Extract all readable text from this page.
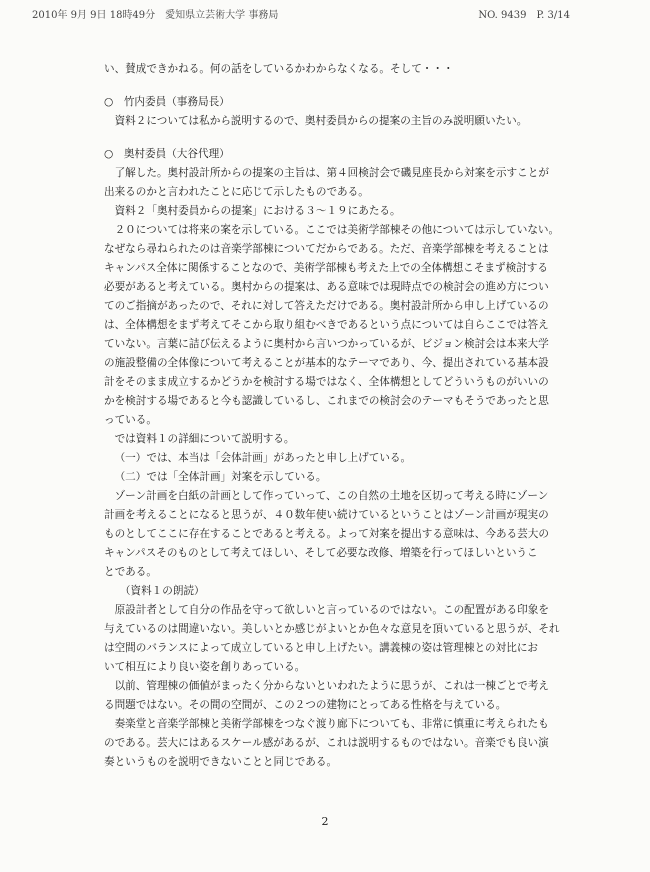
2010年 9月 9日 18時49分　愛知県立芸術大学 事務局	NO. 9439　P. 3/14
い、賛成できかねる。何の話をしているかわからなくなる。そして・・・
○　竹内委員（事務局長）
資料２については私から説明するので、奥村委員からの提案の主旨のみ説明願いたい。
○　奥村委員（大谷代理）
了解した。奥村設計所からの提案の主旨は、第４回検討会で磯見座長から対案を示すことが
出来るのかと言われたことに応じて示したものである。
資料２「奥村委員からの提案」における３～１９にあたる。
２０については将来の案を示している。ここでは美術学部棟その他については示していない。
なぜなら尋ねられたのは音楽学部棟についてだからである。ただ、音楽学部棟を考えることは
キャンパス全体に関係することなので、美術学部棟も考えた上での全体構想こそまず検討する
必要があると考えている。奥村からの提案は、ある意味では現時点での検討会の進め方につい
てのご指摘があったので、それに対して答えただけである。奥村設計所から申し上げているの
は、全体構想をまず考えてそこから取り組むべきであるという点については自らここでは答え
ていない。言葉に詰び伝えるように奥村から言いつかっているが、ビジョン検討会は本来大学
の施設整備の全体像について考えることが基本的なテーマであり、今、提出されている基本設
計をそのまま成立するかどうかを検討する場ではなく、全体構想としてどういうものがいいの
かを検討する場であると今も認識しているし、これまでの検討会のテーマもそうであったと思
っている。
では資料１の詳細について説明する。
（一）では、本当は「会体計画」があったと申し上げている。
（二）では「全体計画」対案を示している。
ゾーン計画を白紙の計画として作っていって、この自然の土地を区切って考える時にゾーン
計画を考えることになると思うが、４０数年使い続けているということはゾーン計画が現実の
ものとしてここに存在することであると考える。よって対案を提出する意味は、今ある芸大の
キャンパスそのものとして考えてほしい、そして必要な改修、増築を行ってほしいというこ
とである。
（資料１の朗読）
原設計者として自分の作品を守って欲しいと言っているのではない。この配置がある印象を
与えているのは間違いない。美しいとか感じがよいとか色々な意見を頂いていると思うが、それ
は空間のバランスによって成立していると申し上げたい。講義棟の姿は管理棟との対比にお
いて相互により良い姿を創りあっている。
以前、管理棟の価値がまったく分からないといわれたように思うが、これは一棟ごとで考え
る問題ではない。その間の空間が、この２つの建物にとってある性格を与えている。
奏楽堂と音楽学部棟と美術学部棟をつなぐ渡り廊下についても、非常に慎重に考えられたも
のである。芸大にはあるスケール感があるが、これは説明するものではない。音楽でも良い演
奏というものを説明できないことと同じである。
2
